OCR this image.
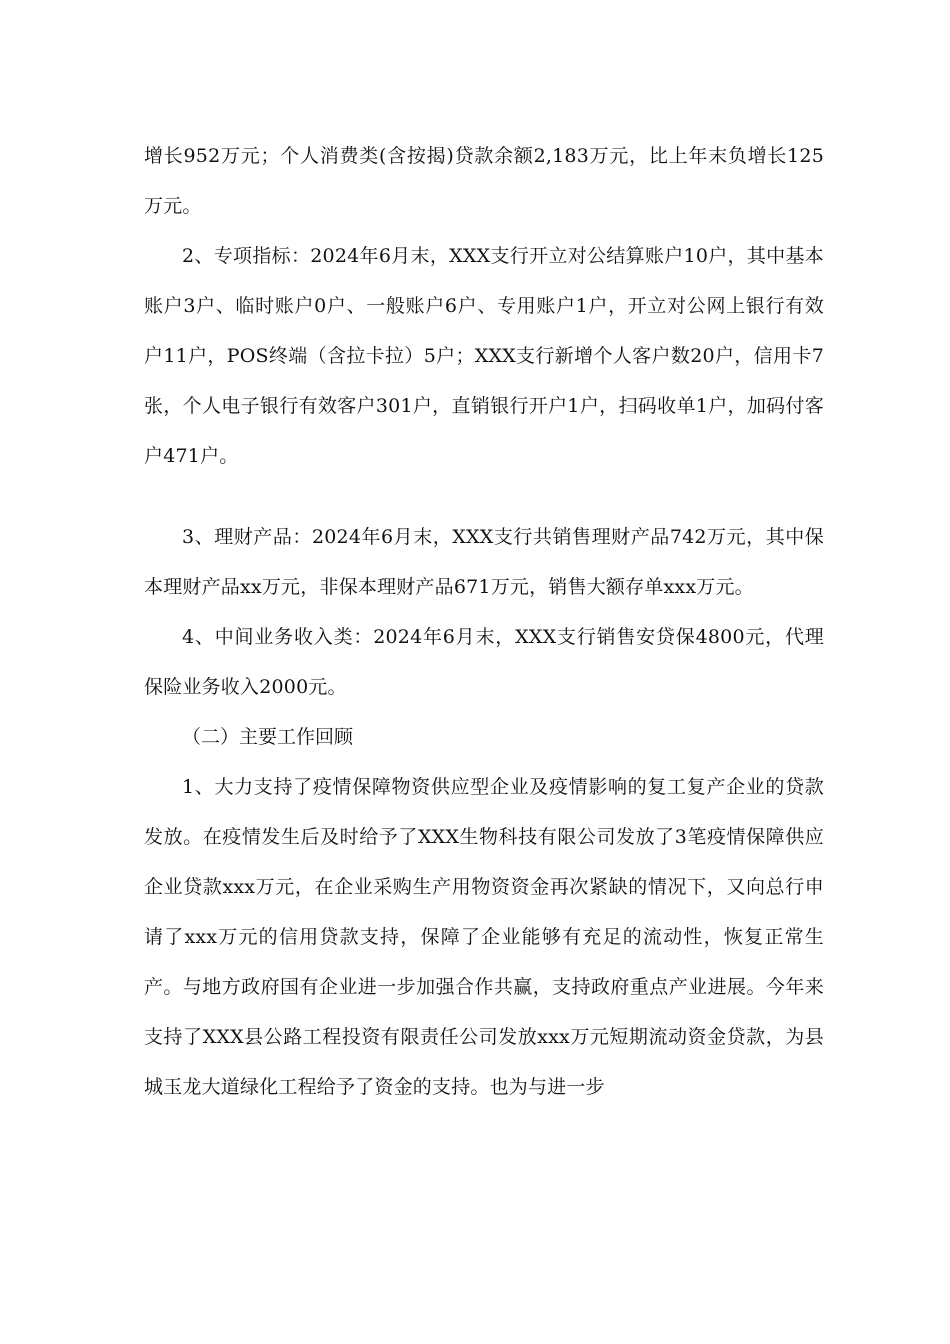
增长952万元；个人消费类(含按揭)贷款余额2,183万元，比上年末负增长125万元。

2、专项指标：2024年6月末，XXX支行开立对公结算账户10户，其中基本账户3户、临时账户0户、一般账户6户、专用账户1户，开立对公网上银行有效户11户，POS终端（含拉卡拉）5户；XXX支行新增个人客户数20户，信用卡7张，个人电子银行有效客户301户，直销银行开户1户，扫码收单1户，加码付客户471户。

3、理财产品：2024年6月末，XXX支行共销售理财产品742万元，其中保本理财产品xx万元，非保本理财产品671万元，销售大额存单xxx万元。

4、中间业务收入类：2024年6月末，XXX支行销售安贷保4800元，代理保险业务收入2000元。

（二）主要工作回顾

1、大力支持了疫情保障物资供应型企业及疫情影响的复工复产企业的贷款发放。在疫情发生后及时给予了XXX生物科技有限公司发放了3笔疫情保障供应企业贷款xxx万元，在企业采购生产用物资资金再次紧缺的情况下，又向总行申请了xxx万元的信用贷款支持，保障了企业能够有充足的流动性，恢复正常生产。与地方政府国有企业进一步加强合作共赢，支持政府重点产业进展。今年来支持了XXX县公路工程投资有限责任公司发放xxx万元短期流动资金贷款，为县城玉龙大道绿化工程给予了资金的支持。也为与进一步
